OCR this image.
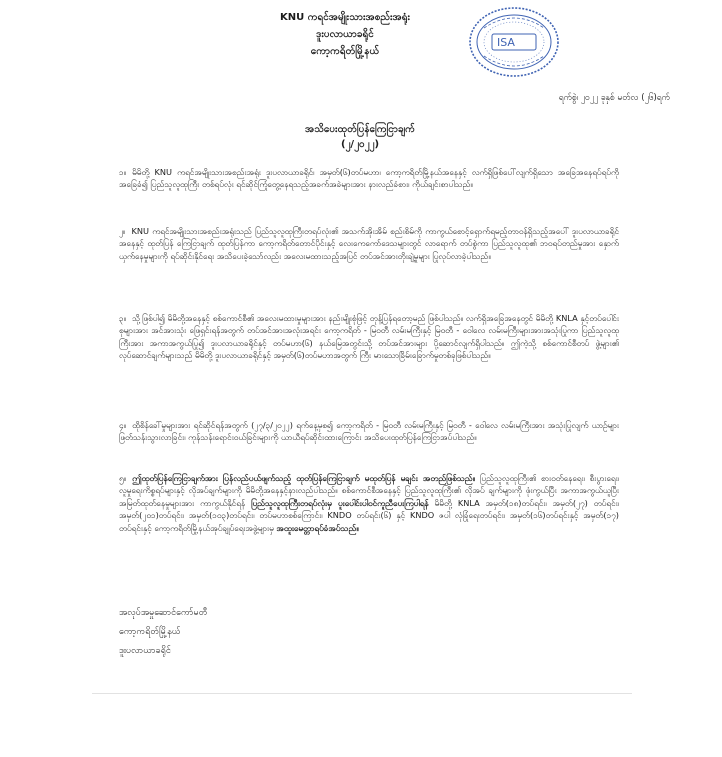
KNU ကရင်အမျိုးသားအစည်းအရုံး
ဒူးပလာယာခရိုင်
ကော့ကရိတ်မြို့နယ်
ISA
ရက်စွဲ၊ ၂၀၂၂ ခုနှစ် မတ်လ (၂၆)ရက်
အသိပေးထုတ်ပြန်ကြေငြာချက်
(၂/၂၀၂၂)

၁။ မိမိတို့ KNU ကရင်အမျိုးသားအစည်းအရုံး ဒူးပလာယာခရိုင်၊ အမှတ်(၆)တပ်မဟာ၊ ကော့ကရိတ်မြို့နယ်အနေနှင့် လက်ရှိဖြစ်ပေါ်လျက်ရှိသော အခြေအနေရပ်ရပ်ကို အခြေခံ၍ ပြည်သူလူထုကြီး တစ်ရပ်လုံး ရင်ဆိုင်ကြုံတွေ့နေရသည့်အခက်အခဲများအား နားလည်ခံစား၊ ကိုယ်ချင်းစာပါသည်။

၂။ KNU ကရင်အမျိုးသားအစည်းအရုံးသည် ပြည်သူလူထုကြီးတရပ်လုံး၏ အသက်အိုးအိမ် စည်းစိမ်ကို ကာကွယ်စောင့်ရှောက်ရမည့်တာဝန်ရှိသည့်အပေါ် ဒူးပလာယာခရိုင်အနေနှင့် ထုတ်ပြန် ကြေငြာချက် ထုတ်ပြန်ကာ ကော့ကရိတ်တောင်ပိုင်းနှင့် လေးကေကော်ဒေသများတွင် လာရောက် တပ်စွဲကာ ပြည်သူလူထု၏ ဘဝရပ်တည်မှုအား နှောက်ယှက်နေမှုများကို ရပ်ဆိုင်းနိုင်ရေး အသိပေးခဲ့သော်လည်း အလေးမထားသည့်အပြင် တပ်အင်အားတိုးချဲ့မှုများ ပြုလုပ်လာခဲ့ပါသည်။

၃။ သို့ဖြစ်ပါ၍ မိမိတို့အနေနှင့် စစ်ကောင်စီ၏ အလေးမထားမှုများအား နည်းမျိုးစုံဖြင့် တုန့်ပြန်ရတော့မည် ဖြစ်ပါသည်။ လက်ရှိအခြေအနေတွင် မိမိတို့ KNLA နှင့်တပ်ပေါင်းစုများအား အင်အားသုံး ဖြေရှင်းရန်အတွက် တပ်အင်အားအလုံးအရင်း ကော့ကရိတ် - မြဝတီ လမ်းမကြီးနှင့် မြဝတီ - ဝေါလေ လမ်းမကြီးများအားအသုံးပြုကာ ပြည်သူလူထုကြီးအား အကာအကွယ်ပြု၍ ဒူးပလာယာခရိုင်နှင့် တပ်မဟာ(၆) နယ်မြေအတွင်းသို့ တပ်အင်အားများ ပို့ဆောင်လျက်ရှိပါသည်။ ဤကဲ့သို့ စစ်ကောင်စီတပ် ဖွဲ့များ၏ လုပ်ဆောင်ချက်များသည် မိမိတို့ ဒူးပလာယာခရိုင်နှင့် အမှတ်(၆)တပ်မဟာအတွက် ကြီး မားသောခြိမ်းခြောက်မှုတစ်ခုဖြစ်ပါသည်။

၄။ ထိုစိန်ခေါ်မှုများအား ရင်ဆိုင်ရန်အတွက် (၂၇/၃/၂၀၂၂) ရက်နေ့မှစ၍ ကော့ကရိတ် - မြဝတီ လမ်းမကြီးနှင့် မြဝတီ - ဝေါလေ လမ်းမကြီးအား အသုံးပြုလျက် ယာဉ်များဖြတ်သန်းသွားလာခြင်း၊ ကုန်သန်းရောင်းဝယ်ခြင်းများကို ယာယီရပ်ဆိုင်းထားကြောင်း အသိပေးထုတ်ပြန်ကြေငြာအပ်ပါသည်။

၅။ ဤထုတ်ပြန်ကြေငြာချက်အား ပြန်လည်ပယ်ဖျက်သည့် ထုတ်ပြန်ကြေငြာချက် မထုတ်ပြန် မချင်း အတည်ဖြစ်သည်။ ပြည်သူလူထုကြီး၏ စားဝတ်နေရေး၊ စီးပွားရေး၊ လူမှုရေးကိစ္စရပ်များနှင့် လိုအပ်ချက်များကို မိမိတို့အနေနှင့်နားလည်ပါသည်။ စစ်ကောင်စီအနေနှင့် ပြည်သူလူထုကြီး၏ လိုအပ် ချက်များကို ဖုံးကွယ်ပြီး အကာအကွယ်ယူပြီး အမြတ်ထုတ်နေမှုများအား ကာကွယ်နိုင်ရန် ပြည်သူလူထုကြီးတရပ်လုံးမှ ပူးပေါင်းပါဝင်ကူညီပေးကြပါရန် မိမိတို့ KNLA အမှတ်(၁၈)တပ်ရင်း၊ အမှတ်(၂၇) တပ်ရင်း၊ အမှတ်(၂၀၁)တပ်ရင်း၊ အမှတ်(၁၀၃)တပ်ရင်း၊ တပ်မဟာစစ်ကြောင်း၊ KNDO တပ်ရင်း(၆) နှင့် KNDO ဇပါ လုံခြုံရေးတပ်ရင်း၊ အမှတ်(၁၆)တပ်ရင်းနှင့် အမှတ်(၁၇) တပ်ရင်းနှင့် ကော့ကရိတ်မြို့နယ်အုပ်ချုပ်ရေးအဖွဲ့များမှ အထူးမေတ္တာရပ်ခံအပ်သည်။

အလုပ်အမှုဆောင်ကော်မတီ
ကော့ကရိတ်မြို့နယ်
ဒူးပလာယာခရိုင်
